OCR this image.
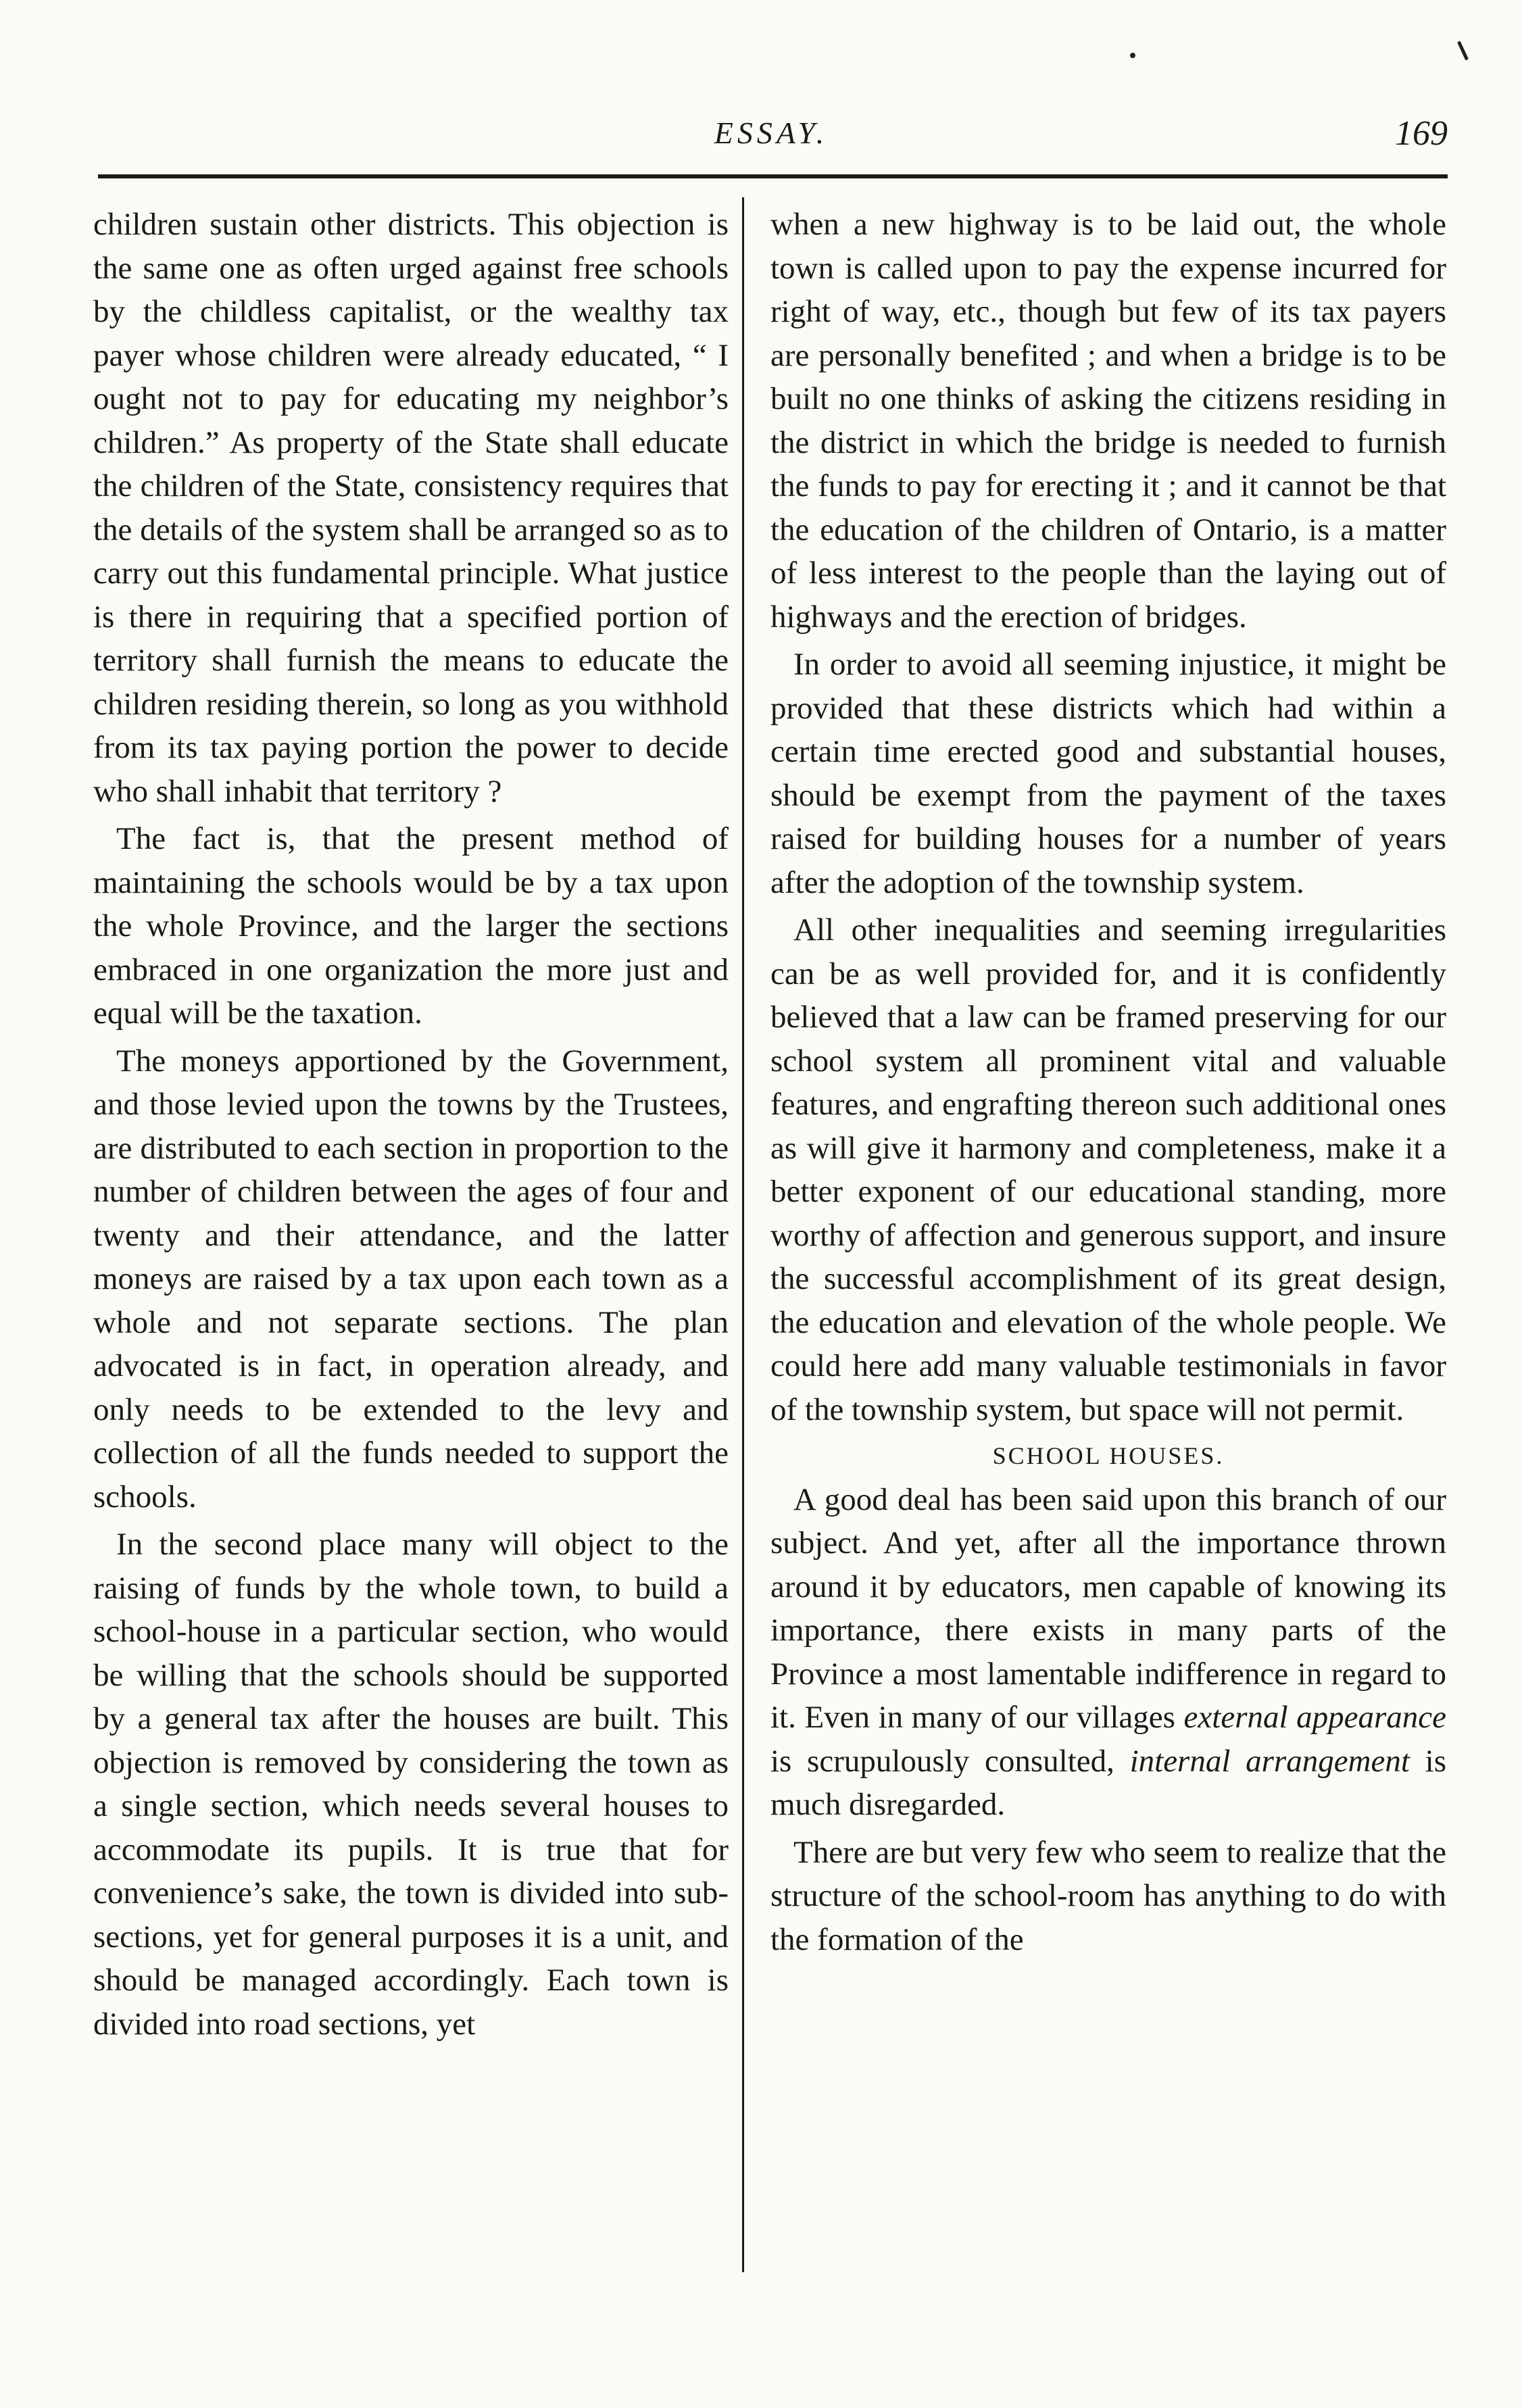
ESSAY.	169

children sustain other districts. This objection is the same one as often urged against free schools by the childless capitalist, or the wealthy tax payer whose children were already educated, “ I ought not to pay for educating my neighbor’s children.” As property of the State shall educate the children of the State, consistency requires that the details of the system shall be arranged so as to carry out this fundamental principle. What justice is there in requiring that a specified portion of territory shall furnish the means to educate the children residing therein, so long as you withhold from its tax paying portion the power to decide who shall inhabit that territory ?

The fact is, that the present method of maintaining the schools would be by a tax upon the whole Province, and the larger the sections embraced in one organization the more just and equal will be the taxation.

The moneys apportioned by the Government, and those levied upon the towns by the Trustees, are distributed to each section in proportion to the number of children between the ages of four and twenty and their attendance, and the latter moneys are raised by a tax upon each town as a whole and not separate sections. The plan advocated is in fact, in operation already, and only needs to be extended to the levy and collection of all the funds needed to support the schools.

In the second place many will object to the raising of funds by the whole town, to build a school-house in a particular section, who would be willing that the schools should be supported by a general tax after the houses are built. This objection is removed by considering the town as a single section, which needs several houses to accommodate its pupils. It is true that for convenience’s sake, the town is divided into sub-sections, yet for general purposes it is a unit, and should be managed accordingly. Each town is divided into road sections, yet

when a new highway is to be laid out, the whole town is called upon to pay the expense incurred for right of way, etc., though but few of its tax payers are personally benefited ; and when a bridge is to be built no one thinks of asking the citizens residing in the district in which the bridge is needed to furnish the funds to pay for erecting it ; and it cannot be that the education of the children of Ontario, is a matter of less interest to the people than the laying out of highways and the erection of bridges.

In order to avoid all seeming injustice, it might be provided that these districts which had within a certain time erected good and substantial houses, should be exempt from the payment of the taxes raised for building houses for a number of years after the adoption of the township system.

All other inequalities and seeming irregularities can be as well provided for, and it is confidently believed that a law can be framed preserving for our school system all prominent vital and valuable features, and engrafting thereon such additional ones as will give it harmony and completeness, make it a better exponent of our educational standing, more worthy of affection and generous support, and insure the successful accomplishment of its great design, the education and elevation of the whole people. We could here add many valuable testimonials in favor of the township system, but space will not permit.

SCHOOL HOUSES.

A good deal has been said upon this branch of our subject. And yet, after all the importance thrown around it by educators, men capable of knowing its importance, there exists in many parts of the Province a most lamentable indifference in regard to it. Even in many of our villages external appearance is scrupulously consulted, internal arrangement is much disregarded.

There are but very few who seem to realize that the structure of the school-room has anything to do with the formation of the
